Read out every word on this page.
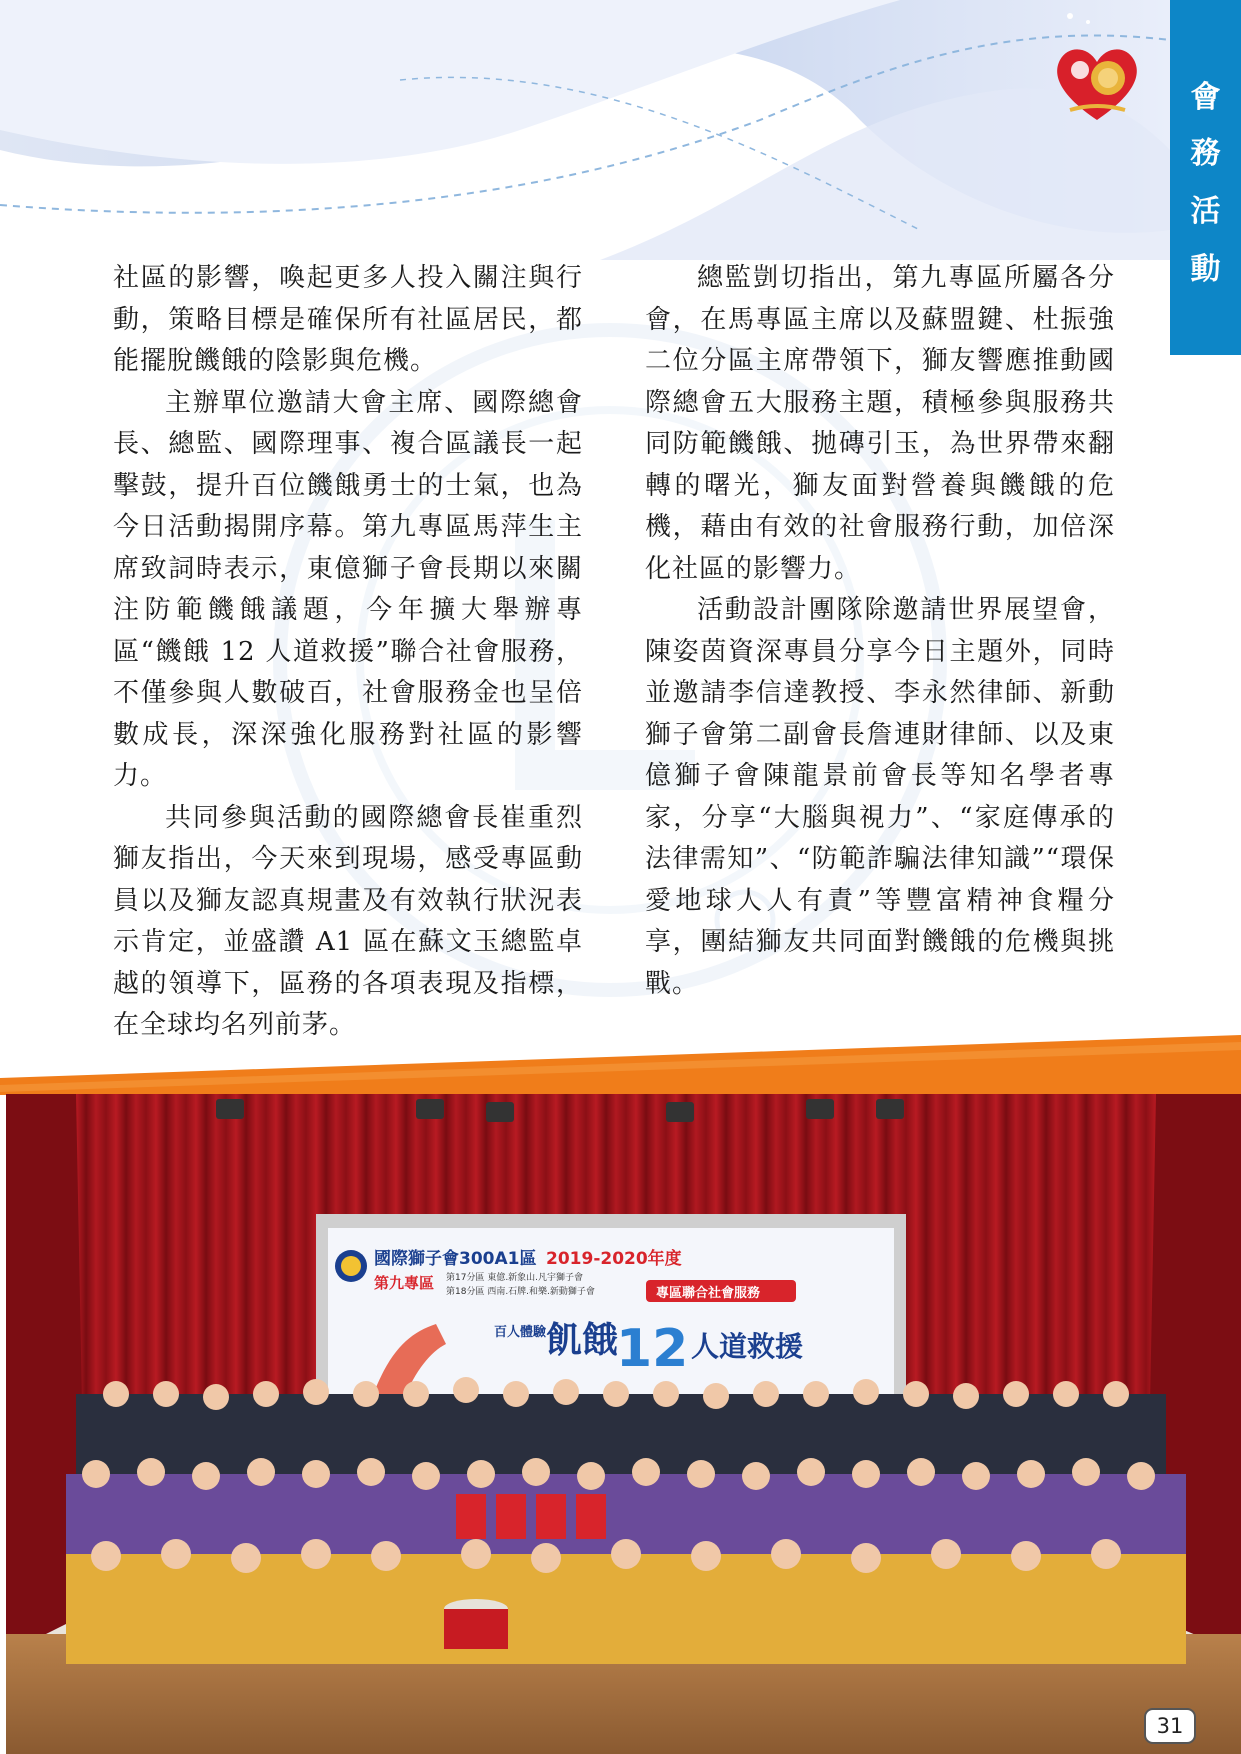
會
務
活
動

社區的影響，喚起更多人投入關注與行動，策略目標是確保所有社區居民，都能擺脫饑餓的陰影與危機。

主辦單位邀請大會主席、國際總會長、總監、國際理事、複合區議長一起擊鼓，提升百位饑餓勇士的士氣，也為今日活動揭開序幕。第九專區馬萍生主席致詞時表示，東億獅子會長期以來關注防範饑餓議題，今年擴大舉辦專區“饑餓 12 人道救援”聯合社會服務，不僅參與人數破百，社會服務金也呈倍數成長，深深強化服務對社區的影響力。

共同參與活動的國際總會長崔重烈獅友指出，今天來到現場，感受專區動員以及獅友認真規畫及有效執行狀況表示肯定，並盛讚 A1 區在蘇文玉總監卓越的領導下，區務的各項表現及指標，在全球均名列前茅。

總監剴切指出，第九專區所屬各分會，在馬專區主席以及蘇盟鍵、杜振強二位分區主席帶領下，獅友響應推動國際總會五大服務主題，積極參與服務共同防範饑餓、拋磚引玉，為世界帶來翻轉的曙光，獅友面對營養與饑餓的危機，藉由有效的社會服務行動，加倍深化社區的影響力。

活動設計團隊除邀請世界展望會，陳姿茵資深專員分享今日主題外，同時並邀請李信達教授、李永然律師、新動獅子會第二副會長詹連財律師、以及東億獅子會陳龍景前會長等知名學者專家，分享“大腦與視力”、“家庭傳承的法律需知”、“防範詐騙法律知識”“環保愛地球人人有責”等豐富精神食糧分享，團結獅友共同面對饑餓的危機與挑戰。

國際獅子會300A1區 2019-2020年度
第九專區 第17分區 東億.新象山.凡宇獅子會
第18分區 西南.石牌.和樂.新動獅子會	專區聯合社會服務
百人體驗 飢餓
12 人道救援
31
